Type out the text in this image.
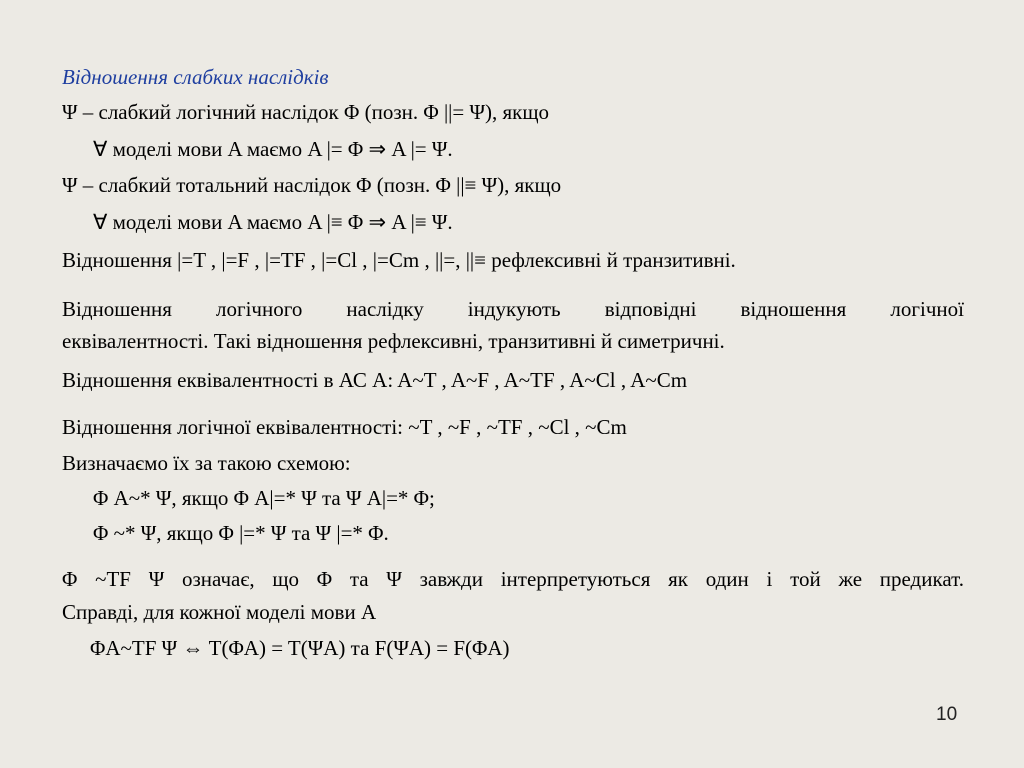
Відношення слабких наслідків
Ψ – слабкий логічний наслідок Φ (позн. Φ ||= Ψ), якщо
∀ моделі мови A маємо A |= Φ ⇒ A |= Ψ.
Ψ – слабкий тотальний наслідок Φ (позн. Φ ||≡ Ψ), якщо
∀ моделі мови A маємо A |≡ Φ ⇒ A |≡ Ψ.
Відношення |=T , |=F , |=TF , |=Cl , |=Cm , ||=, ||≡ рефлексивні й транзитивні.
Відношення логічного наслідку індукують відповідні відношення логічної
еквівалентності. Такі відношення рефлексивні, транзитивні й симетричні.
Відношення еквівалентності в АС A: A~T , A~F , A~TF , A~Cl , A~Cm
Відношення логічної еквівалентності: ~T , ~F , ~TF , ~Cl , ~Cm
Визначаємо їх за такою схемою:
Φ A~* Ψ, якщо Φ A|=* Ψ та Ψ A|=* Φ;
Φ ~* Ψ, якщо Φ |=* Ψ та Ψ |=* Φ.
Φ ~TF Ψ означає, що Φ та Ψ завжди інтерпретуються як один і той же предикат.
Справді, для кожної моделі мови A
ΦA~TF Ψ ⇔ T(ΦA) = T(ΨA) та F(ΨA) = F(ΦA)
10
